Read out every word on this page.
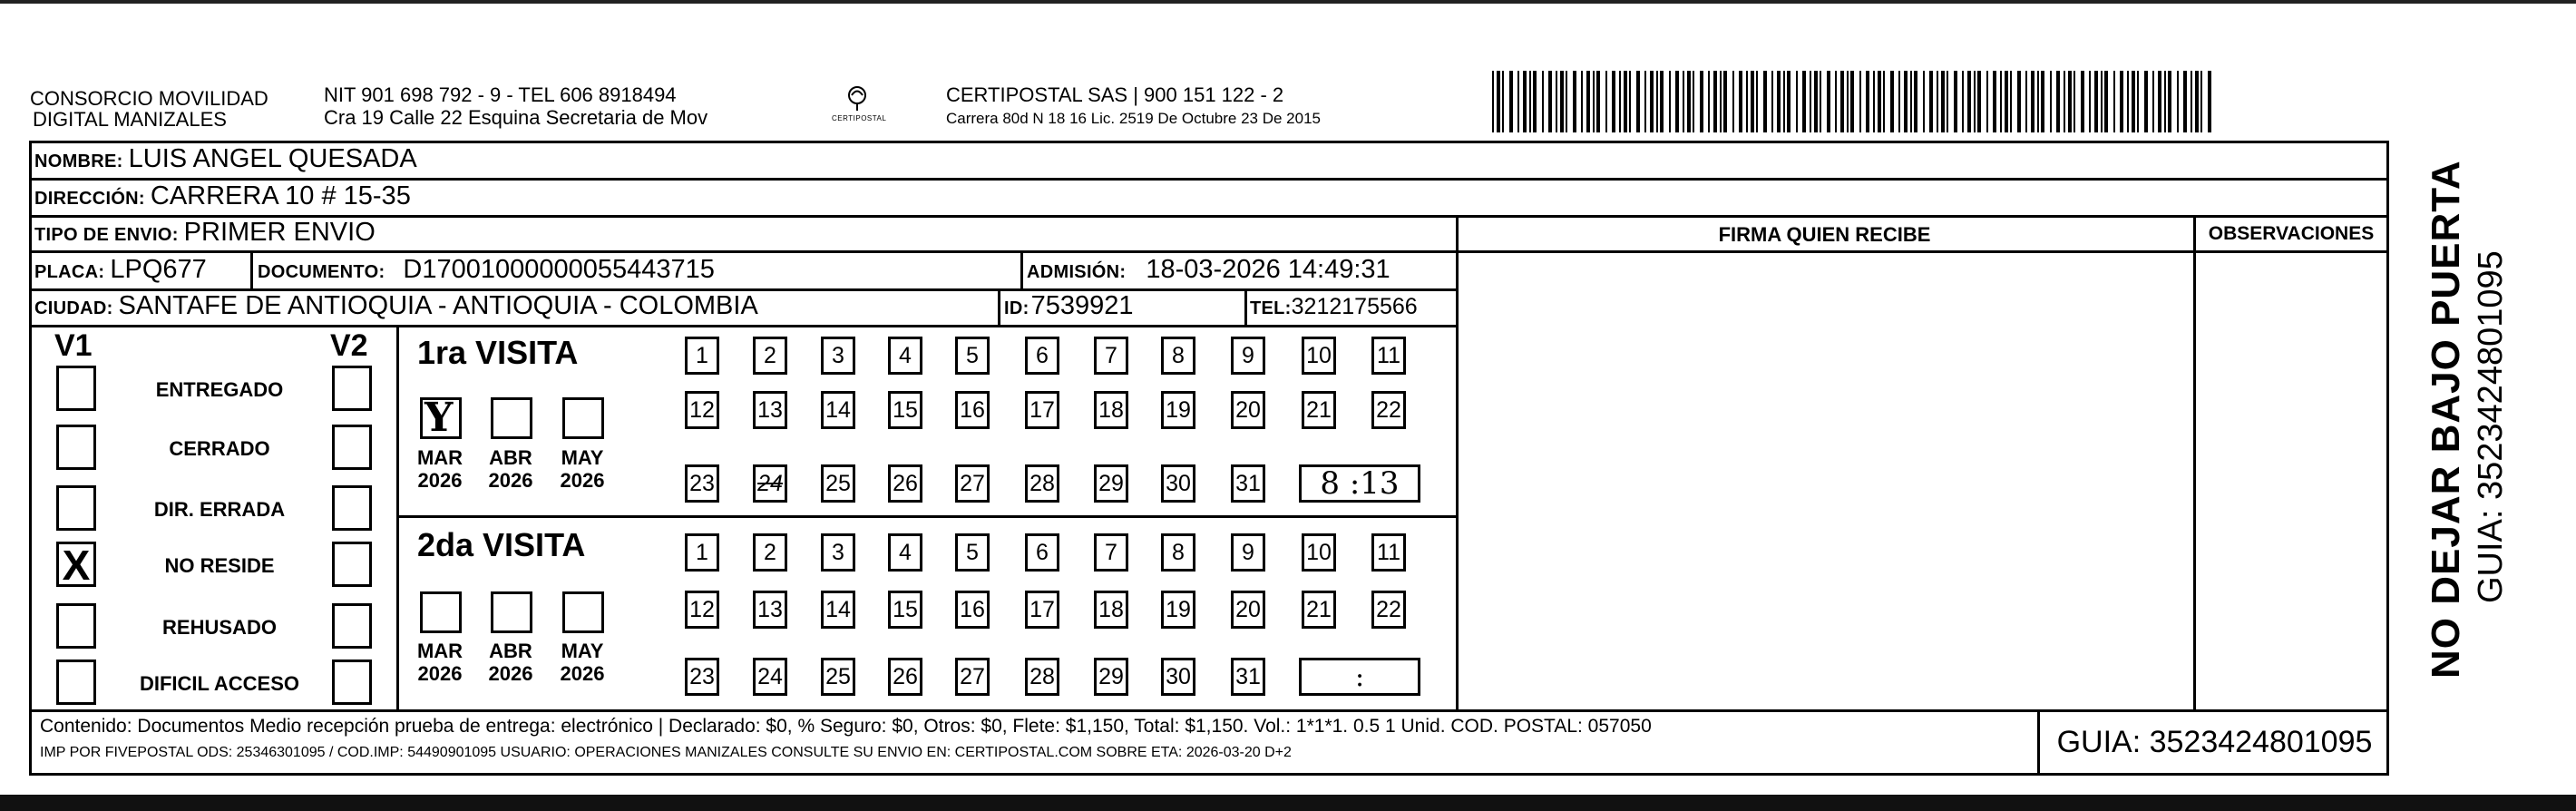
CONSORCIO MOVILIDAD
DIGITAL MANIZALES
NIT 901 698 792 - 9 - TEL 606 8918494
Cra 19 Calle 22 Esquina Secretaria de Mov	CERTIPOSTAL
CERTIPOSTAL SAS | 900 151 122 - 2
Carrera 80d N 18 16 Lic. 2519 De Octubre 23 De 2015
NOMBRE: LUIS ANGEL QUESADA
DIRECCIÓN: CARRERA 10 # 15-35
TIPO DE ENVIO: PRIMER ENVIO	FIRMA QUIEN RECIBE	OBSERVACIONES
PLACA: LPQ677	DOCUMENTO: D17001000000055443715	ADMISIÓN: 18-03-2026 14:49:31
CIUDAD: SANTAFE DE ANTIOQUIA - ANTIOQUIA - COLOMBIA	ID: 7539921	TEL: 3212175566
V1	V2
ENTREGADO
CERRADO
DIR. ERRADA
X	NO RESIDE
REHUSADO
DIFICIL ACCESO
1ra VISITA
2da VISITA
Y
MAR
2026
ABR
2026
MAY
2026
MAR
2026
ABR
2026
MAY
2026
1	2	3	4	5	6	7	8	9	10 11
12 13 14 15 16 17 18 19 20 21 22
23 24 25 26 27 28 29 30 31	8 :13
1	2	3	4	5	6	7	8	9	10 11
12 13 14 15 16 17 18 19 20 21 22
23 24 25 26 27 28 29 30 31	:
Contenido: Documentos Medio recepción prueba de entrega: electrónico | Declarado: $0, % Seguro: $0, Otros: $0, Flete: $1,150, Total: $1,150. Vol.: 1*1*1. 0.5 1 Unid. COD. POSTAL: 057050
IMP POR FIVEPOSTAL ODS: 25346301095 / COD.IMP: 54490901095 USUARIO: OPERACIONES MANIZALES CONSULTE SU ENVIO EN: CERTIPOSTAL.COM SOBRE ETA: 2026-03-20 D+2	GUIA: 3523424801095
NO DEJAR BAJO PUERTA GUIA: 3523424801095
